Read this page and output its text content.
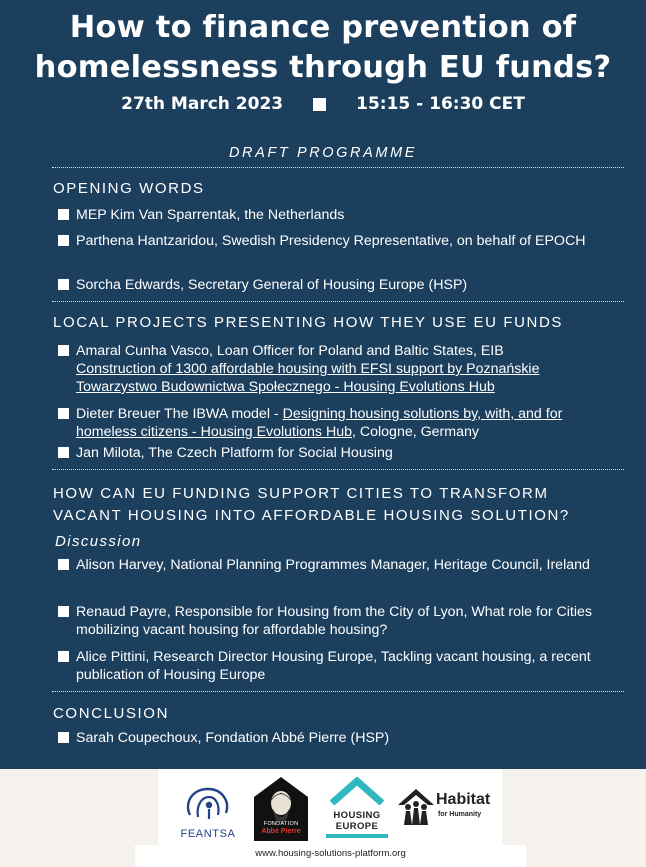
How to finance prevention of
homelessness through EU funds?
27th March 2023	15:15 - 16:30 CET
DRAFT PROGRAMME
OPENING WORDS
MEP Kim Van Sparrentak, the Netherlands
Parthena Hantzaridou, Swedish Presidency Representative, on behalf of EPOCH
Sorcha Edwards, Secretary General of Housing Europe (HSP)
LOCAL PROJECTS PRESENTING HOW THEY USE EU FUNDS
Amaral Cunha Vasco, Loan Officer for Poland and Baltic States, EIB
Construction of 1300 affordable housing with EFSI support by Poznańskie Towarzystwo Budownictwa Społecznego - Housing Evolutions Hub
Dieter Breuer The IBWA model - Designing housing solutions by, with, and for homeless citizens - Housing Evolutions Hub, Cologne, Germany
Jan Milota, The Czech Platform for Social Housing
HOW CAN EU FUNDING SUPPORT CITIES TO TRANSFORM
VACANT HOUSING INTO AFFORDABLE HOUSING SOLUTION?
Discussion
Alison Harvey, National Planning Programmes Manager, Heritage Council, Ireland
Renaud Payre, Responsible for Housing from the City of Lyon, What role for Cities mobilizing vacant housing for affordable housing?
Alice Pittini, Research Director Housing Europe, Tackling vacant housing, a recent publication of Housing Europe
CONCLUSION
Sarah Coupechoux, Fondation Abbé Pierre (HSP)
FEANTSA
FONDATION
Abbé Pierre
HOUSING
EUROPE
Habitat
for Humanity
www.housing-solutions-platform.org
